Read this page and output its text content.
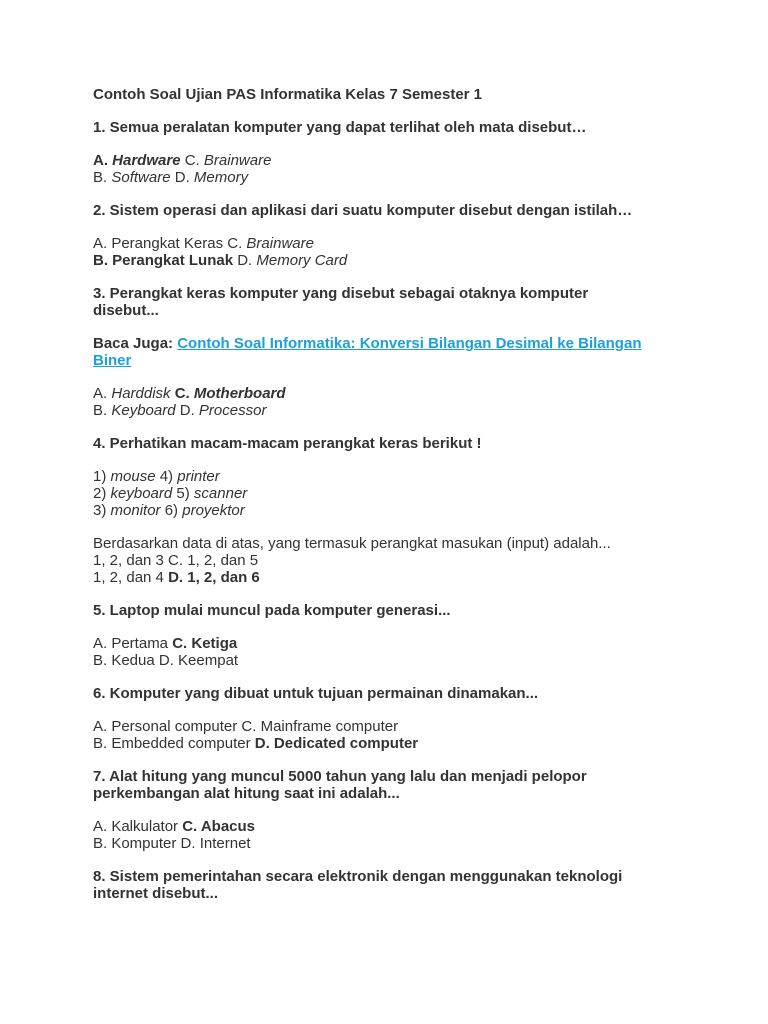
Contoh Soal Ujian PAS Informatika Kelas 7 Semester 1
1. Semua peralatan komputer yang dapat terlihat oleh mata disebut…
A. Hardware C. Brainware
B. Software D. Memory
2. Sistem operasi dan aplikasi dari suatu komputer disebut dengan istilah…
A. Perangkat Keras C. Brainware
B. Perangkat Lunak D. Memory Card
3. Perangkat keras komputer yang disebut sebagai otaknya komputer disebut...
Baca Juga: Contoh Soal Informatika: Konversi Bilangan Desimal ke Bilangan Biner
A. Harddisk C. Motherboard
B. Keyboard D. Processor
4. Perhatikan macam-macam perangkat keras berikut !
1) mouse 4) printer
2) keyboard 5) scanner
3) monitor 6) proyektor
Berdasarkan data di atas, yang termasuk perangkat masukan (input) adalah...
1, 2, dan 3 C. 1, 2, dan 5
1, 2, dan 4 D. 1, 2, dan 6
5. Laptop mulai muncul pada komputer generasi...
A. Pertama C. Ketiga
B. Kedua D. Keempat
6. Komputer yang dibuat untuk tujuan permainan dinamakan...
A. Personal computer C. Mainframe computer
B. Embedded computer D. Dedicated computer
7. Alat hitung yang muncul 5000 tahun yang lalu dan menjadi pelopor perkembangan alat hitung saat ini adalah...
A. Kalkulator C. Abacus
B. Komputer D. Internet
8. Sistem pemerintahan secara elektronik dengan menggunakan teknologi internet disebut...
